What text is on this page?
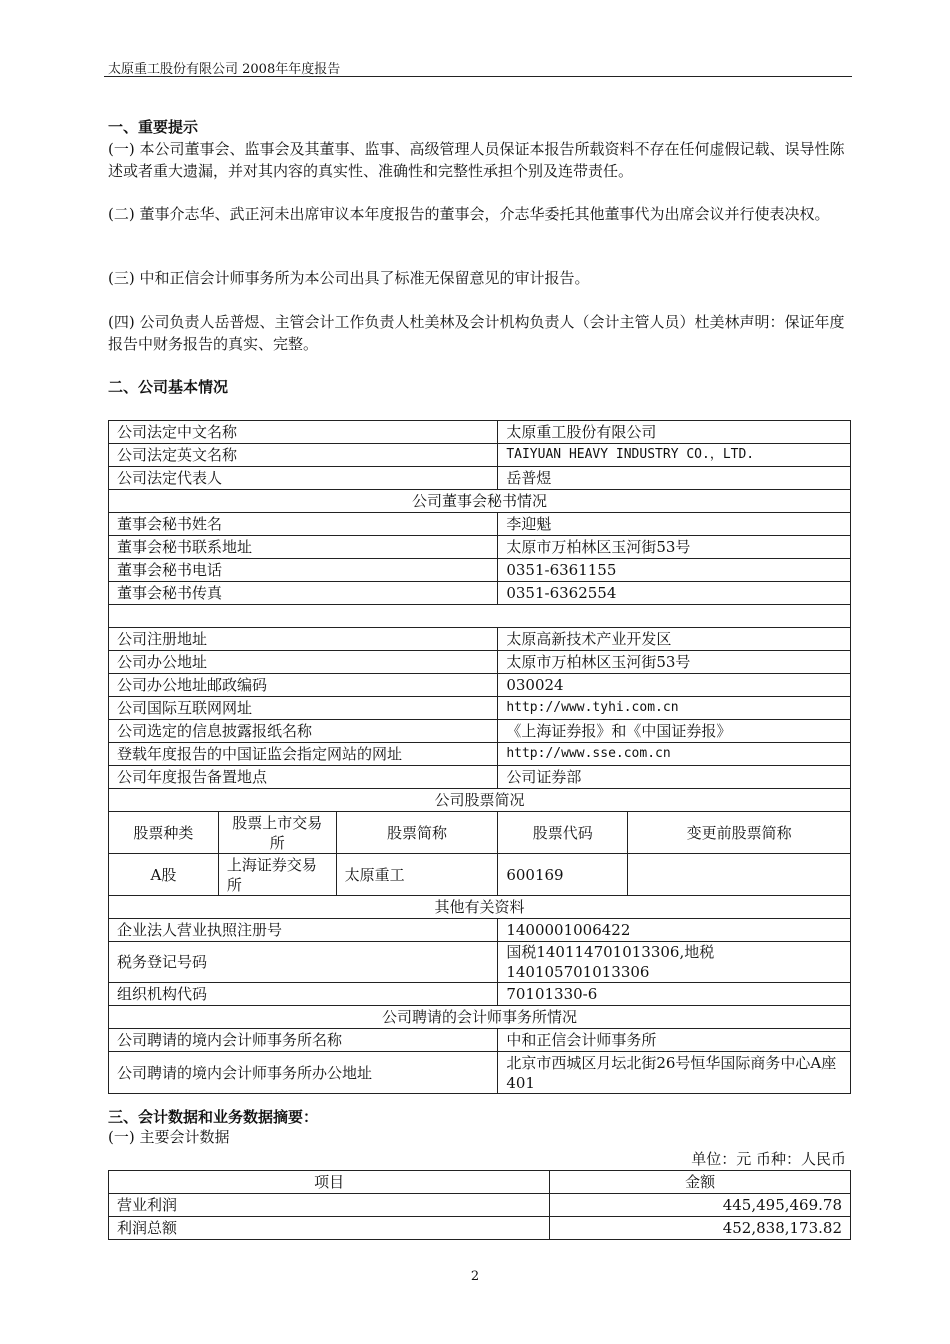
太原重工股份有限公司 2008年年度报告
一、重要提示
(一) 本公司董事会、监事会及其董事、监事、高级管理人员保证本报告所载资料不存在任何虚假记载、误导性陈述或者重大遗漏，并对其内容的真实性、准确性和完整性承担个别及连带责任。
(二) 董事介志华、武正河未出席审议本年度报告的董事会，介志华委托其他董事代为出席会议并行使表决权。
(三) 中和正信会计师事务所为本公司出具了标准无保留意见的审计报告。
(四) 公司负责人岳普煜、主管会计工作负责人杜美林及会计机构负责人（会计主管人员）杜美林声明：保证年度报告中财务报告的真实、完整。
二、公司基本情况
公司法定中文名称			太原重工股份有限公司	
公司法定英文名称			TAIYUAN HEAVY INDUSTRY CO.，LTD.	
公司法定代表人			岳普煜	
公司董事会秘书情况				
董事会秘书姓名			李迎魁	
董事会秘书联系地址			太原市万柏林区玉河街53号	
董事会秘书电话			0351-6361155	
董事会秘书传真			0351-6362554	

公司注册地址			太原高新技术产业开发区	
公司办公地址			太原市万柏林区玉河街53号	
公司办公地址邮政编码			030024	
公司国际互联网网址			http://www.tyhi.com.cn	
公司选定的信息披露报纸名称			《上海证券报》和《中国证券报》	
登载年度报告的中国证监会指定网站的网址			http://www.sse.com.cn	
公司年度报告备置地点			公司证券部	
公司股票简况				
股票种类	股票上市交易所	股票简称	股票代码	变更前股票简称
A股	上海证券交易所	太原重工	600169	
其他有关资料				
企业法人营业执照注册号			1400001006422	
税务登记号码			国税140114701013306,地税140105701013306	
组织机构代码			70101330-6	
公司聘请的会计师事务所情况				
公司聘请的境内会计师事务所名称			中和正信会计师事务所	
公司聘请的境内会计师事务所办公地址			北京市西城区月坛北街26号恒华国际商务中心A座401	
三、会计数据和业务数据摘要：
(一) 主要会计数据
单位：元 币种：人民币
项目	金额
营业利润	445,495,469.78
利润总额	452,838,173.82
2
